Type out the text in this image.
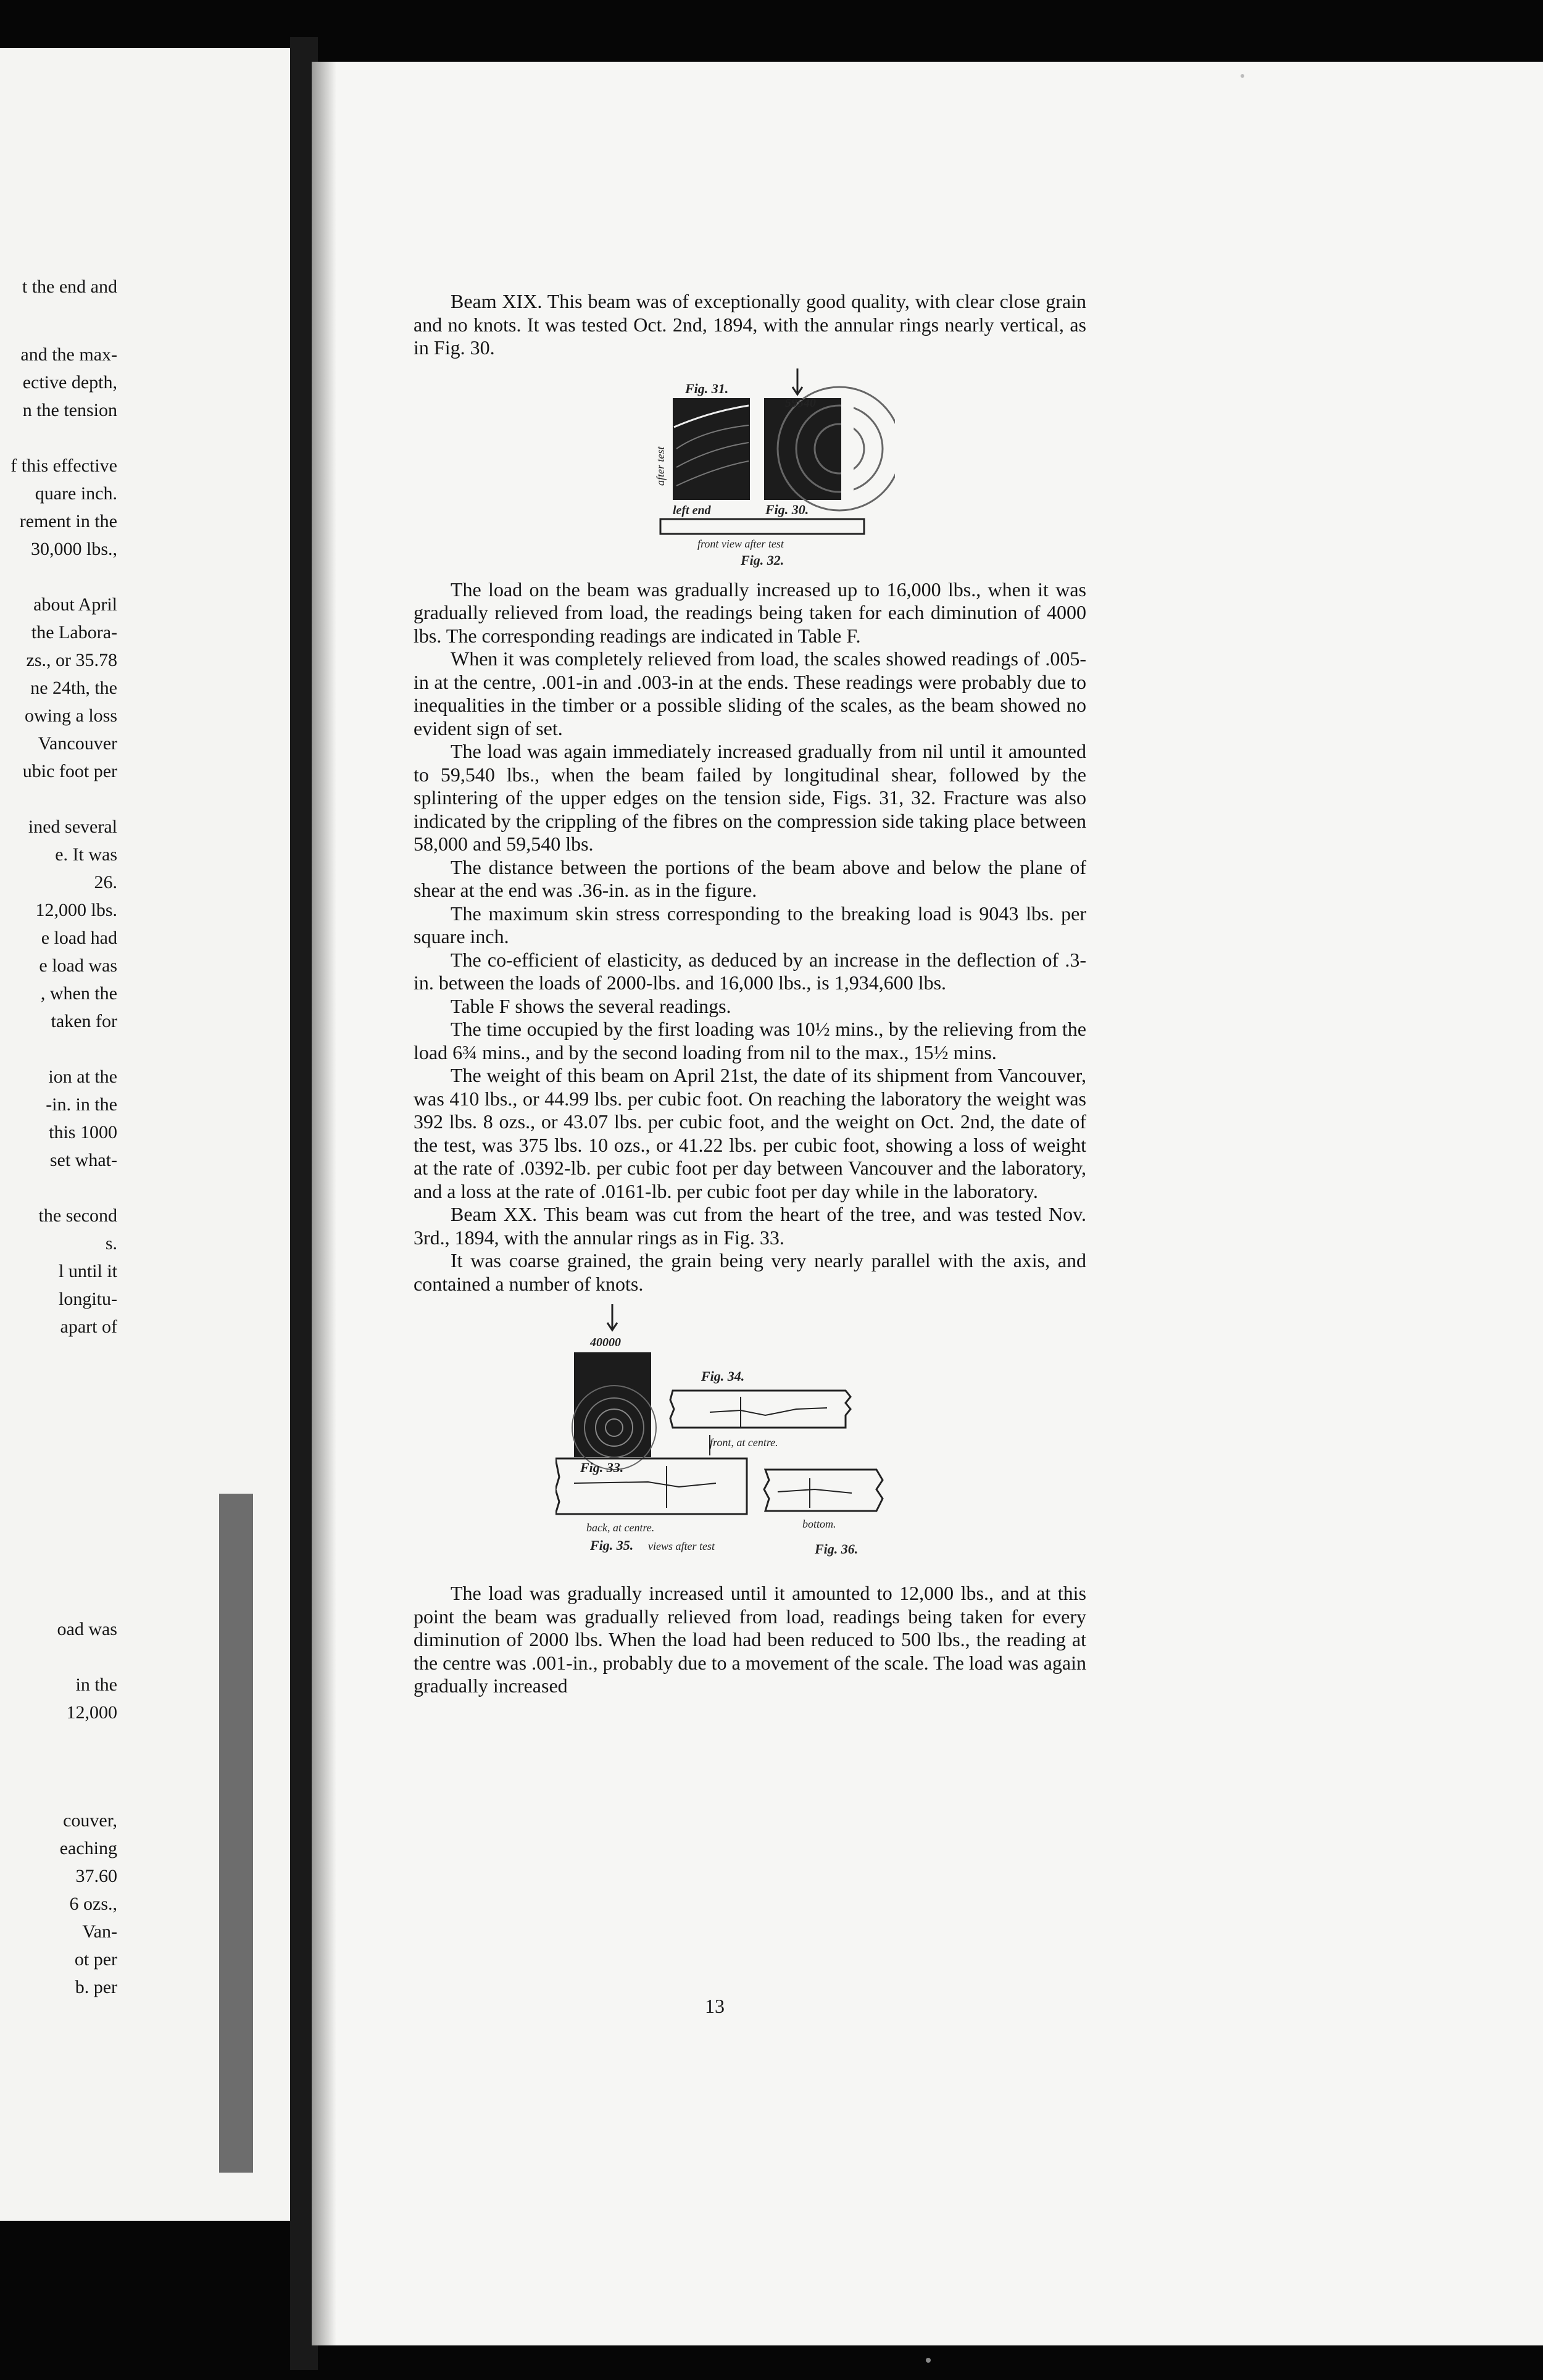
t the end and
and the max-
ective depth,
n the tension
f this effective
quare inch.
rement in the
30,000 lbs.,
about April
the Labora-
zs., or 35.78
ne 24th, the
owing a loss
Vancouver
ubic foot per
ined several
e. It was
26.
12,000 lbs.
e load had
e load was
, when the
taken for
ion at the
-in. in the
this 1000
set what-
the second
s.
l until it
longitu-
apart of
oad was
in the
12,000
couver,
eaching
37.60
6 ozs.,
Van-
ot per
b. per

Beam XIX. This beam was of exceptionally good quality, with clear close grain and no knots. It was tested Oct. 2nd, 1894, with the annular rings nearly vertical, as in Fig. 30.

59540
Fig. 31.
after test
left end	Fig. 30.
front view after test
Fig. 32.

The load on the beam was gradually increased up to 16,000 lbs., when it was gradually relieved from load, the readings being taken for each diminution of 4000 lbs. The corresponding readings are indicated in Table F.

When it was completely relieved from load, the scales showed readings of .005-in at the centre, .001-in and .003-in at the ends. These readings were probably due to inequalities in the timber or a possible sliding of the scales, as the beam showed no evident sign of set.

The load was again immediately increased gradually from nil until it amounted to 59,540 lbs., when the beam failed by longitudinal shear, followed by the splintering of the upper edges on the tension side, Figs. 31, 32. Fracture was also indicated by the crippling of the fibres on the compression side taking place between 58,000 and 59,540 lbs.

The distance between the portions of the beam above and below the plane of shear at the end was .36-in. as in the figure.

The maximum skin stress corresponding to the breaking load is 9043 lbs. per square inch.

The co-efficient of elasticity, as deduced by an increase in the deflection of .3-in. between the loads of 2000-lbs. and 16,000 lbs., is 1,934,600 lbs.

Table F shows the several readings.

The time occupied by the first loading was 10½ mins., by the relieving from the load 6¾ mins., and by the second loading from nil to the max., 15½ mins.

The weight of this beam on April 21st, the date of its shipment from Vancouver, was 410 lbs., or 44.99 lbs. per cubic foot. On reaching the laboratory the weight was 392 lbs. 8 ozs., or 43.07 lbs. per cubic foot, and the weight on Oct. 2nd, the date of the test, was 375 lbs. 10 ozs., or 41.22 lbs. per cubic foot, showing a loss of weight at the rate of .0392-lb. per cubic foot per day between Vancouver and the laboratory, and a loss at the rate of .0161-lb. per cubic foot per day while in the laboratory.

Beam XX. This beam was cut from the heart of the tree, and was tested Nov. 3rd., 1894, with the annular rings as in Fig. 33.

It was coarse grained, the grain being very nearly parallel with the axis, and contained a number of knots.

40000
Fig. 33.
Fig. 34.
front, at centre.
back, at centre.	bottom.
Fig. 35. views after test	Fig. 36.

The load was gradually increased until it amounted to 12,000 lbs., and at this point the beam was gradually relieved from load, readings being taken for every diminution of 2000 lbs. When the load had been reduced to 500 lbs., the reading at the centre was .001-in., probably due to a movement of the scale. The load was again gradually increased

13
